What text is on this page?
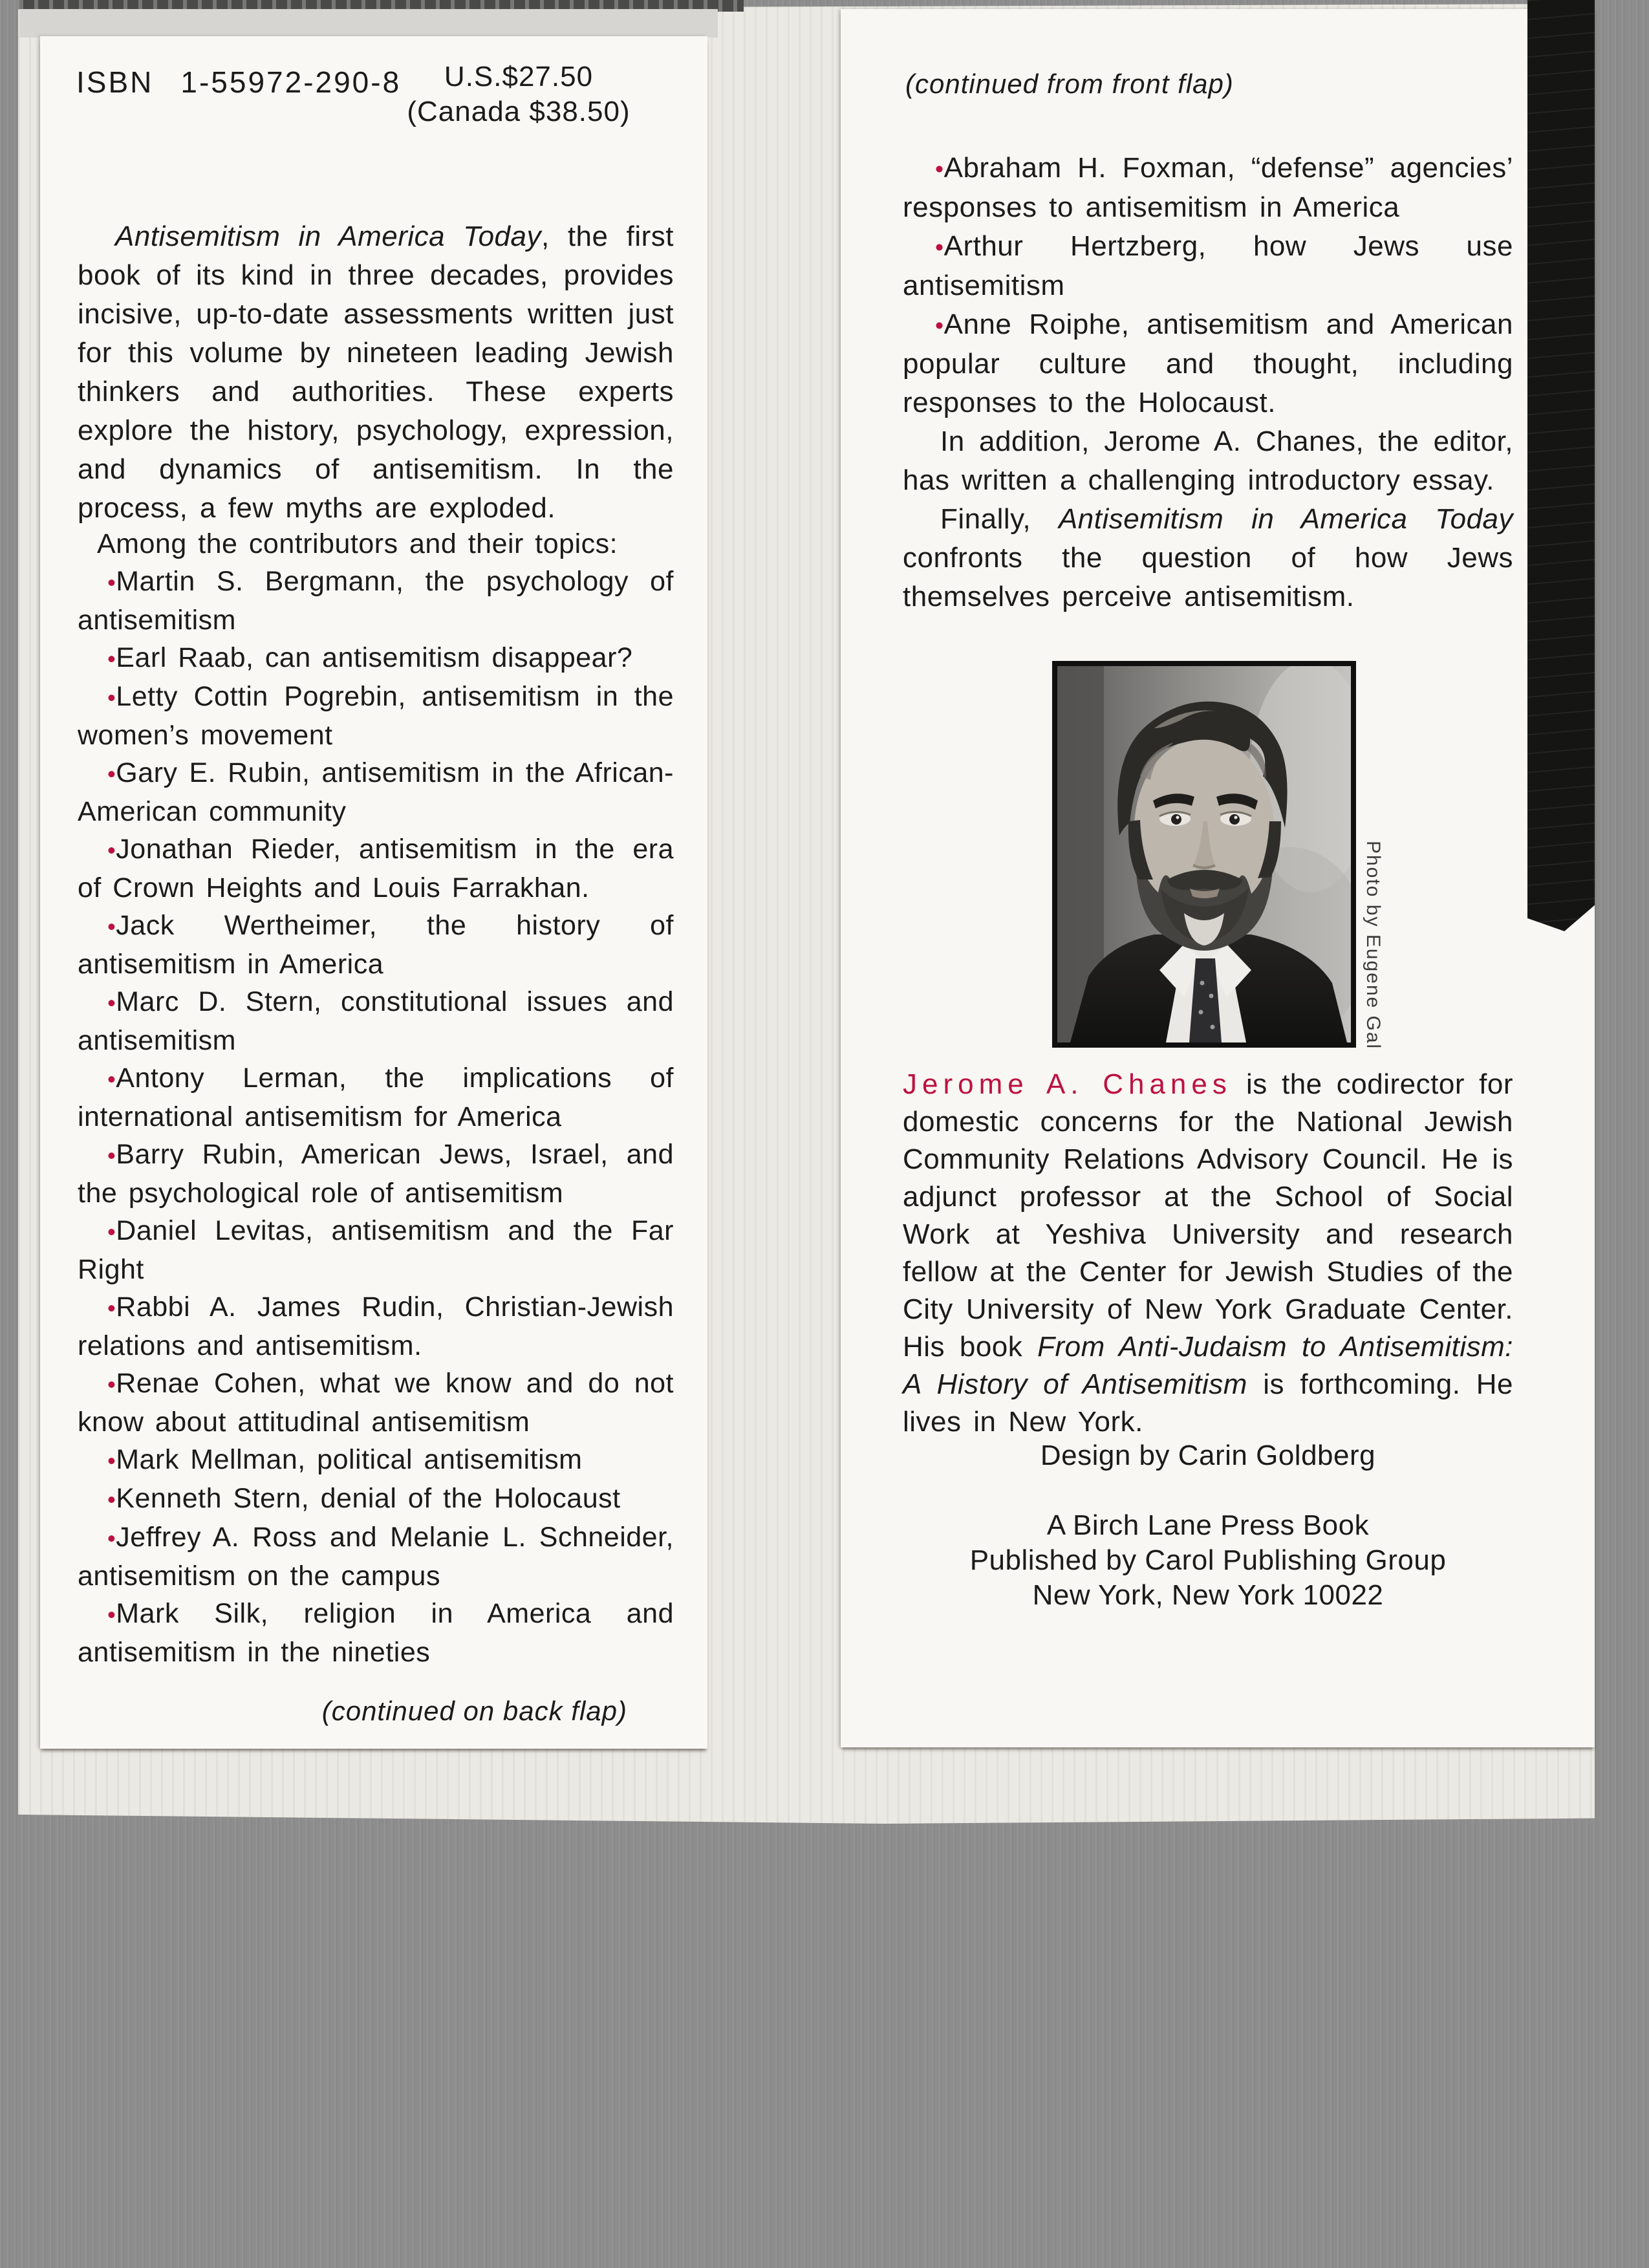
ISBN 1-55972-290-8	U.S.$27.50
(Canada $38.50)

Antisemitism in America Today, the first book of its kind in three decades, provides incisive, up-to-date assessments written just for this volume by nineteen leading Jewish thinkers and authorities. These experts explore the history, psychology, expression, and dynamics of antisemitism. In the process, a few myths are exploded.

Among the contributors and their topics:

•Martin S. Bergmann, the psychology of antisemitism
•Earl Raab, can antisemitism disappear?
•Letty Cottin Pogrebin, antisemitism in the women’s movement
•Gary E. Rubin, antisemitism in the African-American community
•Jonathan Rieder, antisemitism in the era of Crown Heights and Louis Farrakhan.
•Jack Wertheimer, the history of antisemitism in America
•Marc D. Stern, constitutional issues and antisemitism
•Antony Lerman, the implications of international antisemitism for America
•Barry Rubin, American Jews, Israel, and the psychological role of antisemitism
•Daniel Levitas, antisemitism and the Far Right
•Rabbi A. James Rudin, Christian-Jewish relations and antisemitism.
•Renae Cohen, what we know and do not know about attitudinal antisemitism
•Mark Mellman, political antisemitism
•Kenneth Stern, denial of the Holocaust
•Jeffrey A. Ross and Melanie L. Schneider, antisemitism on the campus
•Mark Silk, religion in America and antisemitism in the nineties
(continued on back flap)
(continued from front flap)
•Abraham H. Foxman, “defense” agencies’ responses to antisemitism in America
•Arthur Hertzberg, how Jews use antisemitism
•Anne Roiphe, antisemitism and American popular culture and thought, including responses to the Holocaust.

In addition, Jerome A. Chanes, the editor, has written a challenging introductory essay.

Finally, Antisemitism in America Today confronts the question of how Jews themselves perceive antisemitism.

Photo by Eugene Gal

Jerome A. Chanes is the codirector for domestic concerns for the National Jewish Community Relations Advisory Council. He is adjunct professor at the School of Social Work at Yeshiva University and research fellow at the Center for Jewish Studies of the City University of New York Graduate Center. His book From Anti-Judaism to Antisemitism: A History of Antisemitism is forthcoming. He lives in New York.

Design by Carin Goldberg

A Birch Lane Press Book

Published by Carol Publishing Group

New York, New York 10022
